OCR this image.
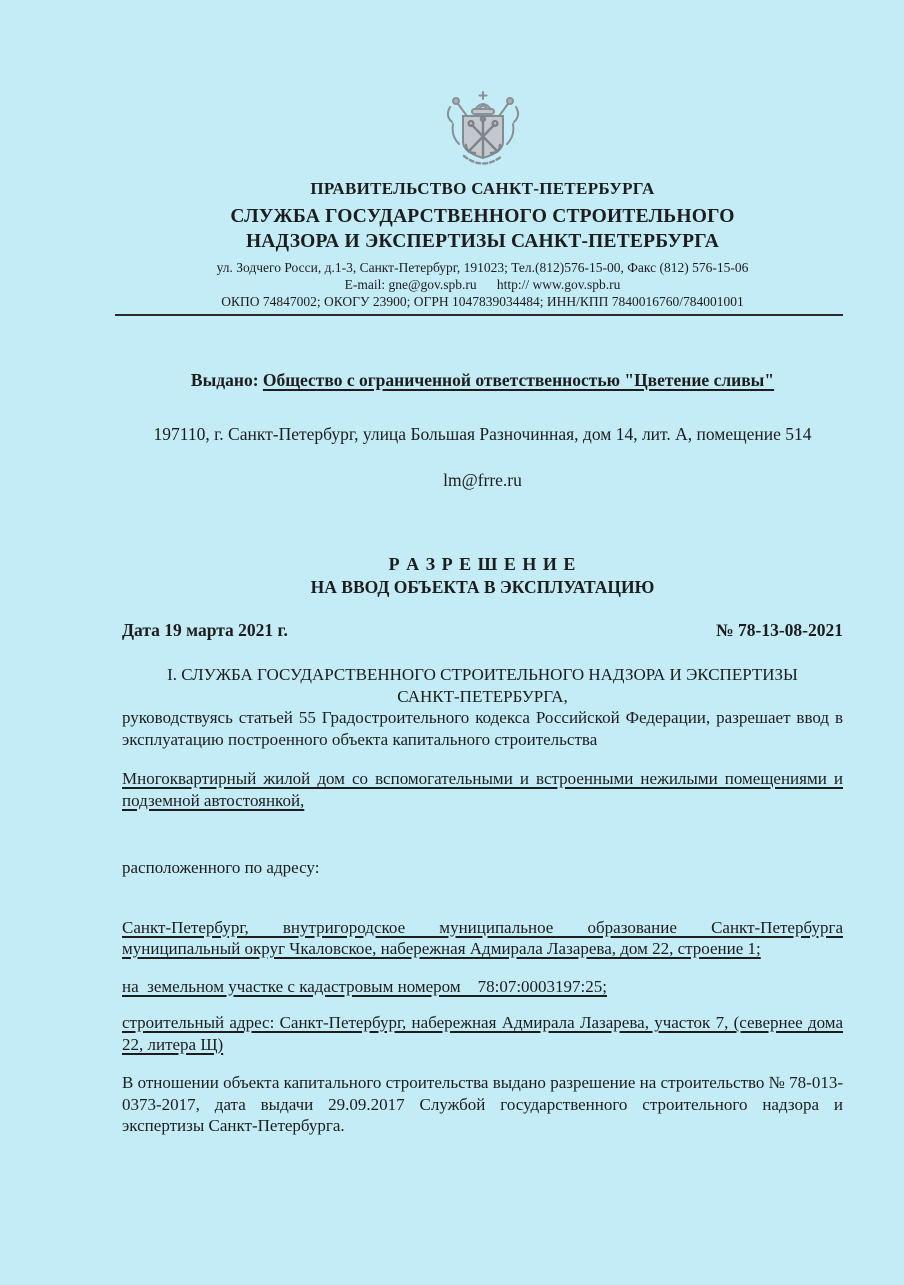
ПРАВИТЕЛЬСТВО САНКТ-ПЕТЕРБУРГА
СЛУЖБА ГОСУДАРСТВЕННОГО СТРОИТЕЛЬНОГО
НАДЗОРА И ЭКСПЕРТИЗЫ САНКТ-ПЕТЕРБУРГА
ул. Зодчего Росси, д.1-3, Санкт-Петербург, 191023; Тел.(812)576-15-00, Факс (812) 576-15-06
E-mail: gne@gov.spb.ru      http:// www.gov.spb.ru
ОКПО 74847002; ОКОГУ 23900; ОГРН 1047839034484; ИНН/КПП 7840016760/784001001
Выдано: Общество с ограниченной ответственностью "Цветение сливы"
197110, г. Санкт-Петербург, улица Большая Разночинная, дом 14, лит. А, помещение 514
lm@frre.ru
Р А З Р Е Ш Е Н И Е
НА ВВОД ОБЪЕКТА В ЭКСПЛУАТАЦИЮ
Дата 19 марта 2021 г.	№ 78-13-08-2021
I. СЛУЖБА ГОСУДАРСТВЕННОГО СТРОИТЕЛЬНОГО НАДЗОРА И ЭКСПЕРТИЗЫ
САНКТ-ПЕТЕРБУРГА,
руководствуясь статьей 55 Градостроительного кодекса Российской Федерации, разрешает ввод в эксплуатацию построенного объекта капитального строительства
Многоквартирный жилой дом со вспомогательными и встроенными нежилыми помещениями и подземной автостоянкой,
расположенного по адресу:
Санкт-Петербург, внутригородское муниципальное образование Санкт-Петербурга муниципальный округ Чкаловское, набережная Адмирала Лазарева, дом 22, строение 1;
на  земельном участке с кадастровым номером    78:07:0003197:25;
строительный адрес: Санкт-Петербург, набережная Адмирала Лазарева, участок 7, (севернее дома 22, литера Щ)
В отношении объекта капитального строительства выдано разрешение на строительство № 78-013-0373-2017, дата выдачи 29.09.2017 Службой государственного строительного надзора и экспертизы Санкт-Петербурга.
